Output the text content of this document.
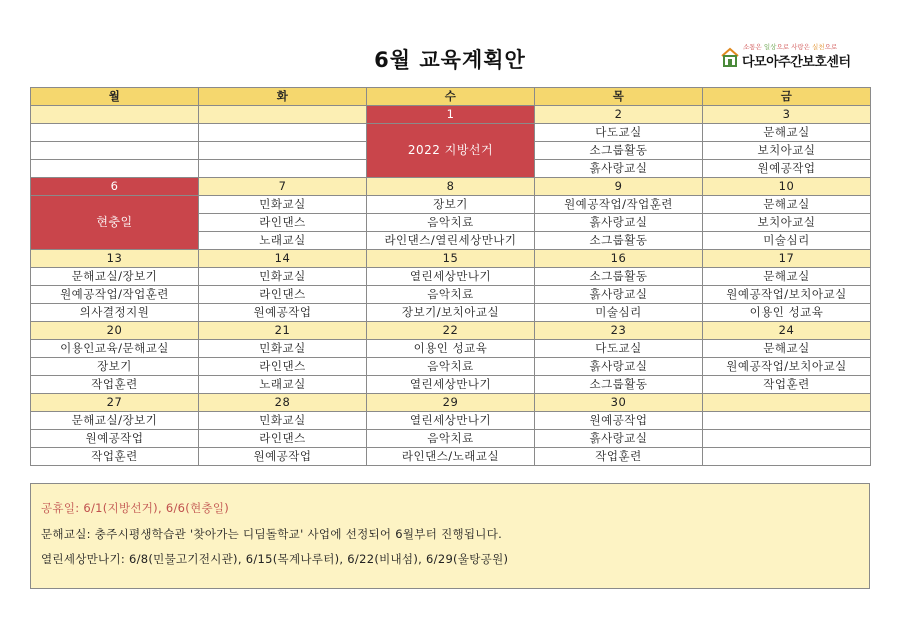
6월 교육계획안
소통은 일상으로 사랑은 실천으로
다모아주간보호센터
월	화	수	목	금
		1	2	3
		2022 지방선거	다도교실	문해교실
			소그룹활동	보치아교실
			흙사랑교실	원예공작업
6	7	8	9	10
현충일	민화교실	장보기	원예공작업/작업훈련	문해교실
	라인댄스	음악치료	흙사랑교실	보치아교실
	노래교실	라인댄스/열린세상만나기	소그룹활동	미술심리
13	14	15	16	17
문해교실/장보기	민화교실	열린세상만나기	소그룹활동	문해교실
원예공작업/작업훈련	라인댄스	음악치료	흙사랑교실	원예공작업/보치아교실
의사결정지원	원예공작업	장보기/보치아교실	미술심리	이용인 성교육
20	21	22	23	24
이용인교육/문해교실	민화교실	이용인 성교육	다도교실	문해교실
장보기	라인댄스	음악치료	흙사랑교실	원예공작업/보치아교실
작업훈련	노래교실	열린세상만나기	소그룹활동	작업훈련
27	28	29	30	
문해교실/장보기	민화교실	열린세상만나기	원예공작업	
원예공작업	라인댄스	음악치료	흙사랑교실	
작업훈련	원예공작업	라인댄스/노래교실	작업훈련	
공휴일: 6/1(지방선거), 6/6(현충일)
문해교실: 충주시평생학습관 '찾아가는 디딤돌학교' 사업에 선정되어 6월부터 진행됩니다.
열린세상만나기: 6/8(민물고기전시관), 6/15(목계나루터), 6/22(비내섬), 6/29(울탕공원)
